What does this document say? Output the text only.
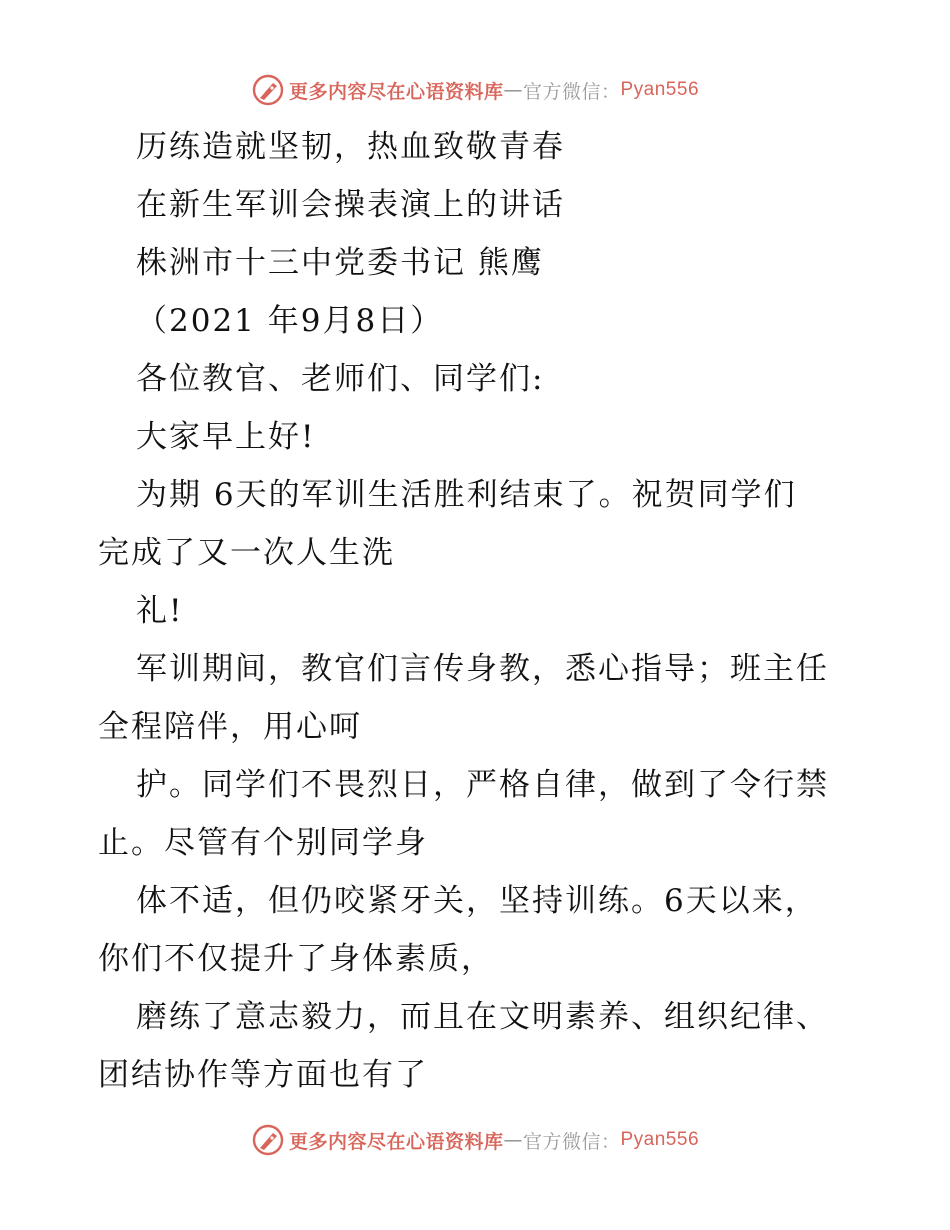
更多内容尽在心语资料库 — 官方微信： Pyan556
历练造就坚韧，热血致敬青春
在新生军训会操表演上的讲话
株洲市十三中党委书记 熊鹰
（2021 年9月8日）
各位教官、老师们、同学们:
大家早上好!
为期 6天的军训生活胜利结束了。祝贺同学们
完成了又一次人生洗
礼!
军训期间，教官们言传身教，悉心指导；班主任
全程陪伴，用心呵
护。同学们不畏烈日，严格自律，做到了令行禁
止。尽管有个别同学身
体不适，但仍咬紧牙关，坚持训练。6天以来，
你们不仅提升了身体素质，
磨练了意志毅力，而且在文明素养、组织纪律、
团结协作等方面也有了
更多内容尽在心语资料库 — 官方微信： Pyan556
